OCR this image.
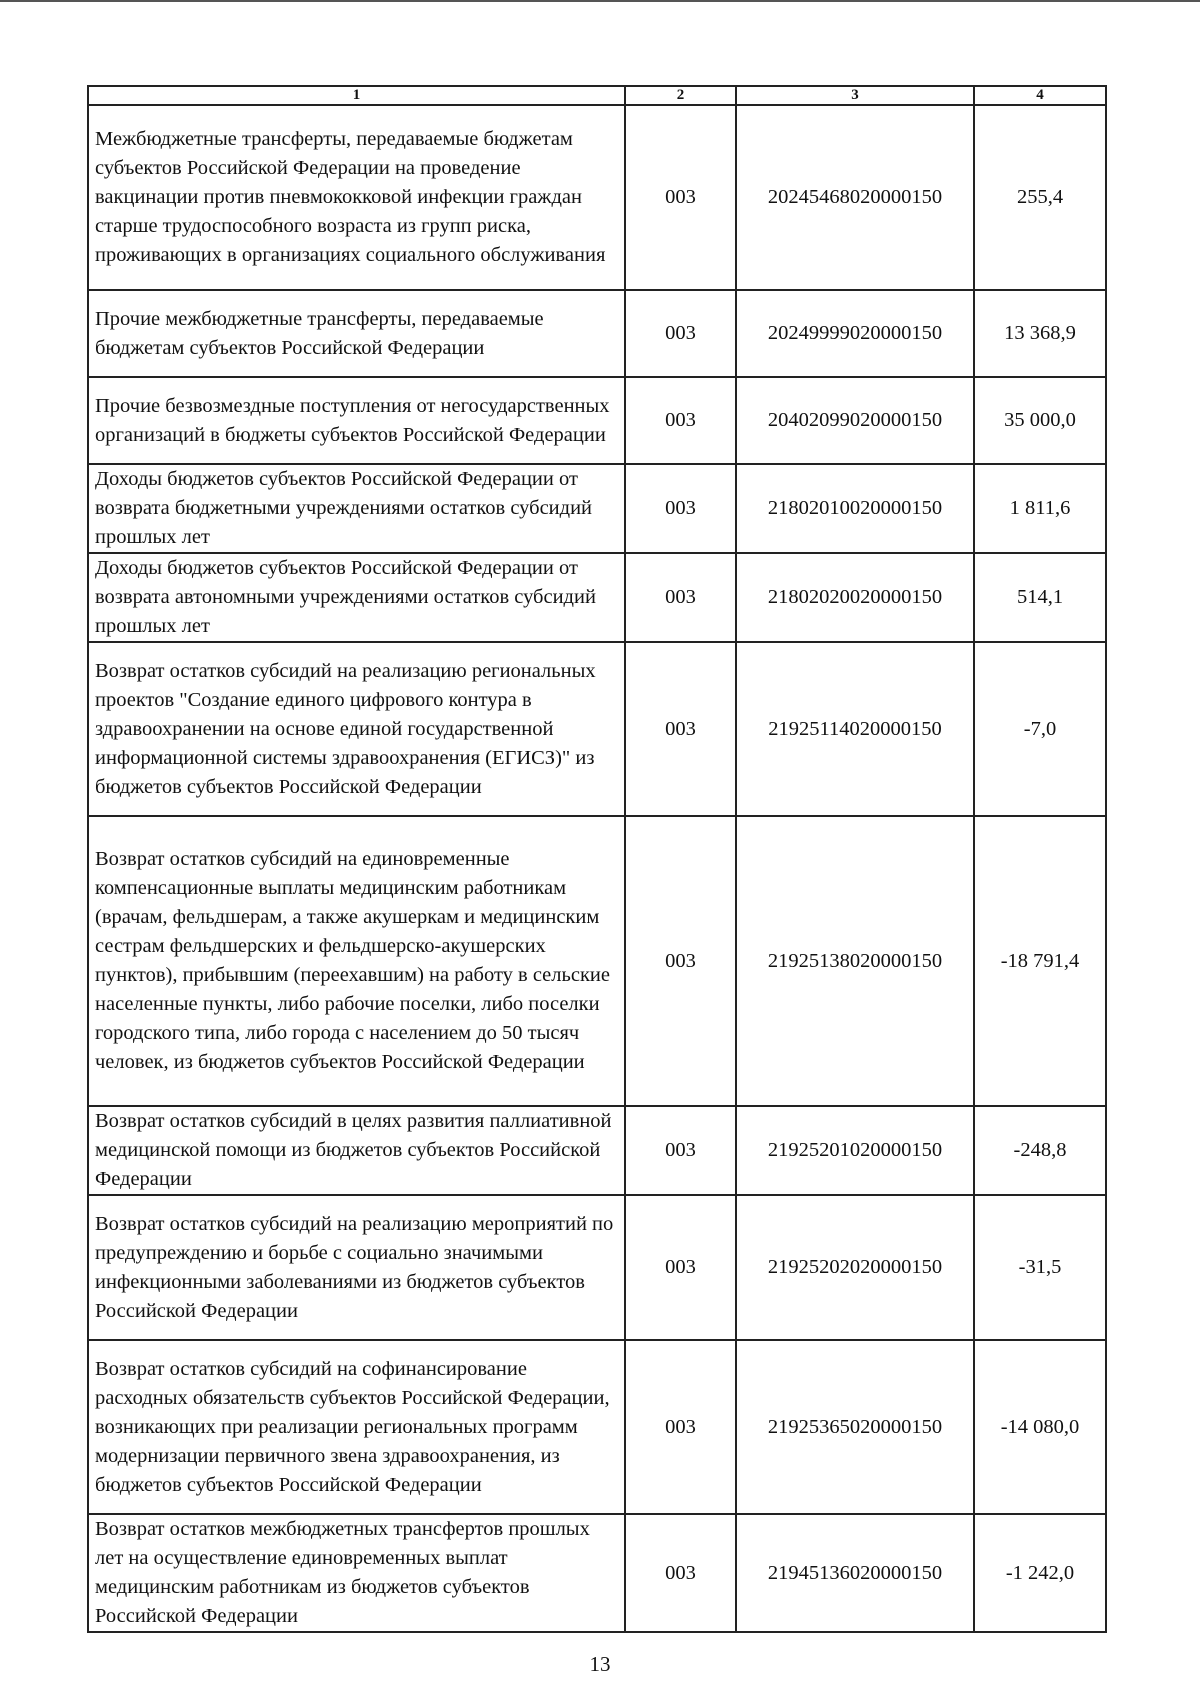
1	2	3	4
Межбюджетные трансферты, передаваемые бюджетам субъектов Российской Федерации на проведение вакцинации против пневмококковой инфекции граждан старше трудоспособного возраста из групп риска, проживающих в организациях социального обслуживания	003	20245468020000150	255,4
Прочие межбюджетные трансферты, передаваемые бюджетам субъектов Российской Федерации	003	20249999020000150	13 368,9
Прочие безвозмездные поступления от негосударственных организаций в бюджеты субъектов Российской Федерации	003	20402099020000150	35 000,0
Доходы бюджетов субъектов Российской Федерации от возврата бюджетными учреждениями остатков субсидий прошлых лет	003	21802010020000150	1 811,6
Доходы бюджетов субъектов Российской Федерации от возврата автономными учреждениями остатков субсидий прошлых лет	003	21802020020000150	514,1
Возврат остатков субсидий на реализацию региональных проектов "Создание единого цифрового контура в здравоохранении на основе единой государственной информационной системы здравоохранения (ЕГИСЗ)" из бюджетов субъектов Российской Федерации	003	21925114020000150	-7,0
Возврат остатков субсидий на единовременные компенсационные выплаты медицинским работникам (врачам, фельдшерам, а также акушеркам и медицинским сестрам фельдшерских и фельдшерско-акушерских пунктов), прибывшим (переехавшим) на работу в сельские населенные пункты, либо рабочие поселки, либо поселки городского типа, либо города с населением до 50 тысяч человек, из бюджетов субъектов Российской Федерации	003	21925138020000150	-18 791,4
Возврат остатков субсидий в целях развития паллиативной медицинской помощи из бюджетов субъектов Российской Федерации	003	21925201020000150	-248,8
Возврат остатков субсидий на реализацию мероприятий по предупреждению и борьбе с социально значимыми инфекционными заболеваниями из бюджетов субъектов Российской Федерации	003	21925202020000150	-31,5
Возврат остатков субсидий на софинансирование расходных обязательств субъектов Российской Федерации, возникающих при реализации региональных программ модернизации первичного звена здравоохранения, из бюджетов субъектов Российской Федерации	003	21925365020000150	-14 080,0
Возврат остатков межбюджетных трансфертов прошлых лет на осуществление единовременных выплат медицинским работникам из бюджетов субъектов Российской Федерации	003	21945136020000150	-1 242,0
13
